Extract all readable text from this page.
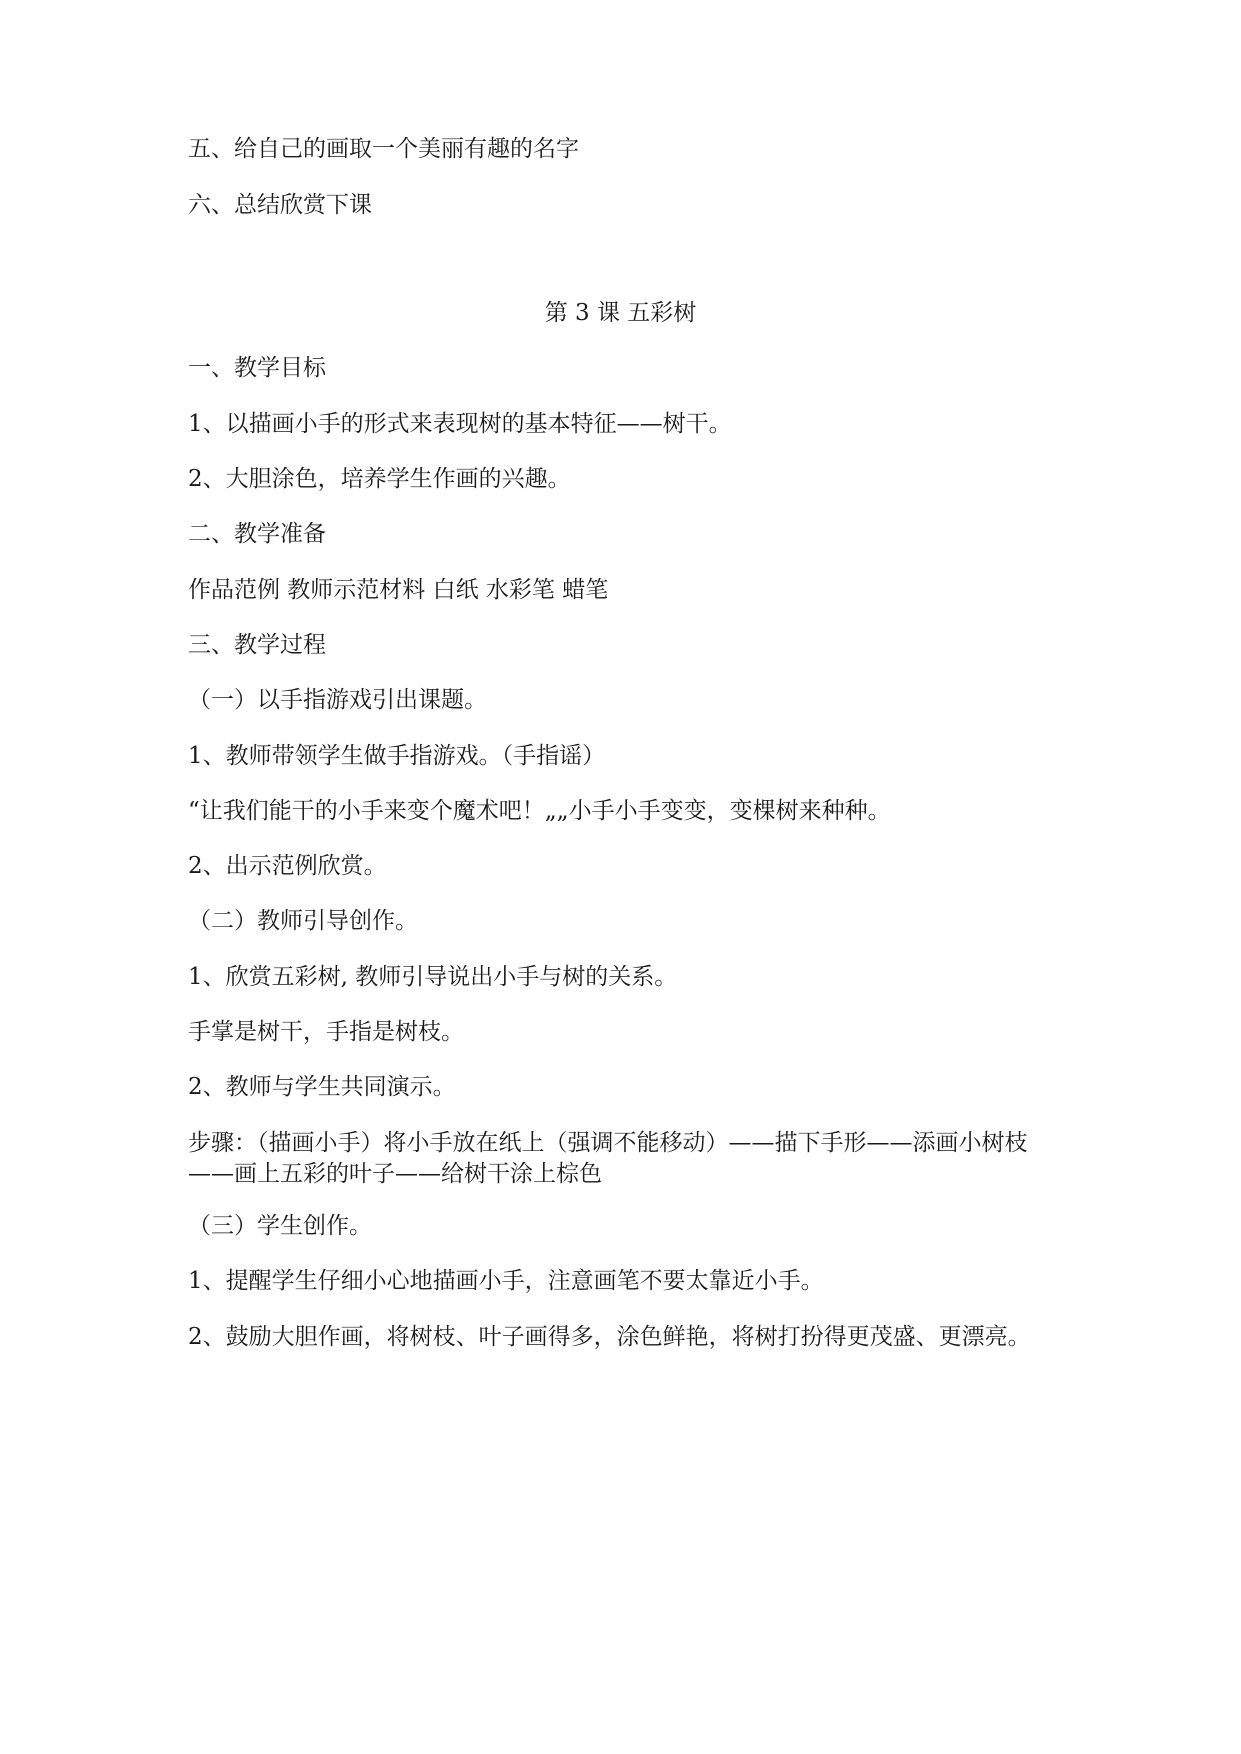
五、给自己的画取一个美丽有趣的名字
六、总结欣赏下课
第 3 课 五彩树
一、教学目标
1、以描画小手的形式来表现树的基本特征——树干。
2、大胆涂色，培养学生作画的兴趣。
二、教学准备
作品范例 教师示范材料 白纸 水彩笔 蜡笔
三、教学过程
（一）以手指游戏引出课题。
1、教师带领学生做手指游戏。（手指谣）
“让我们能干的小手来变个魔术吧！„„小手小手变变，变棵树来种种。
2、出示范例欣赏。
（二）教师引导创作。
1、欣赏五彩树, 教师引导说出小手与树的关系。
手掌是树干，手指是树枝。
2、教师与学生共同演示。
步骤：（描画小手）将小手放在纸上（强调不能移动）——描下手形——添画小树枝——画上五彩的叶子——给树干涂上棕色
（三）学生创作。
1、提醒学生仔细小心地描画小手，注意画笔不要太靠近小手。
2、鼓励大胆作画，将树枝、叶子画得多，涂色鲜艳，将树打扮得更茂盛、更漂亮。
